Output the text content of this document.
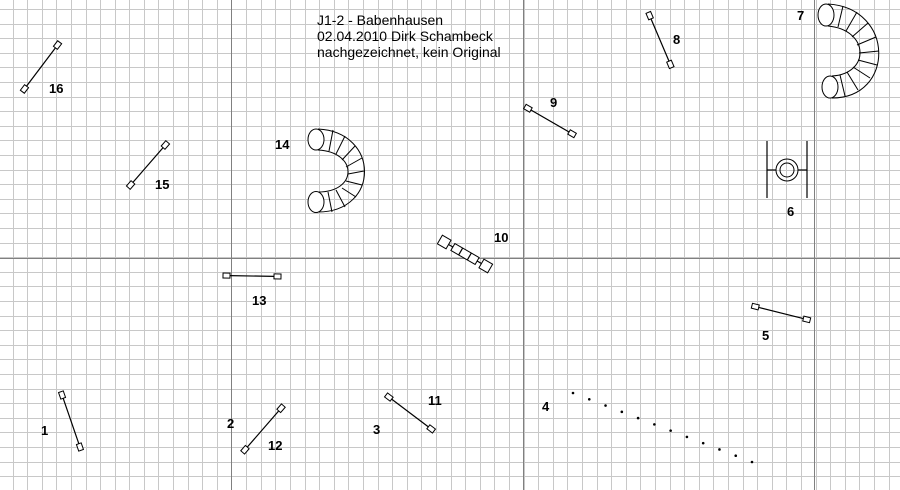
J1-2 - Babenhausen
02.04.2010 Dirk Schambeck
nachgezeichnet, kein Original
1	2	3
4
5
6
7
8
9
10
11
12
13
14
15
16
